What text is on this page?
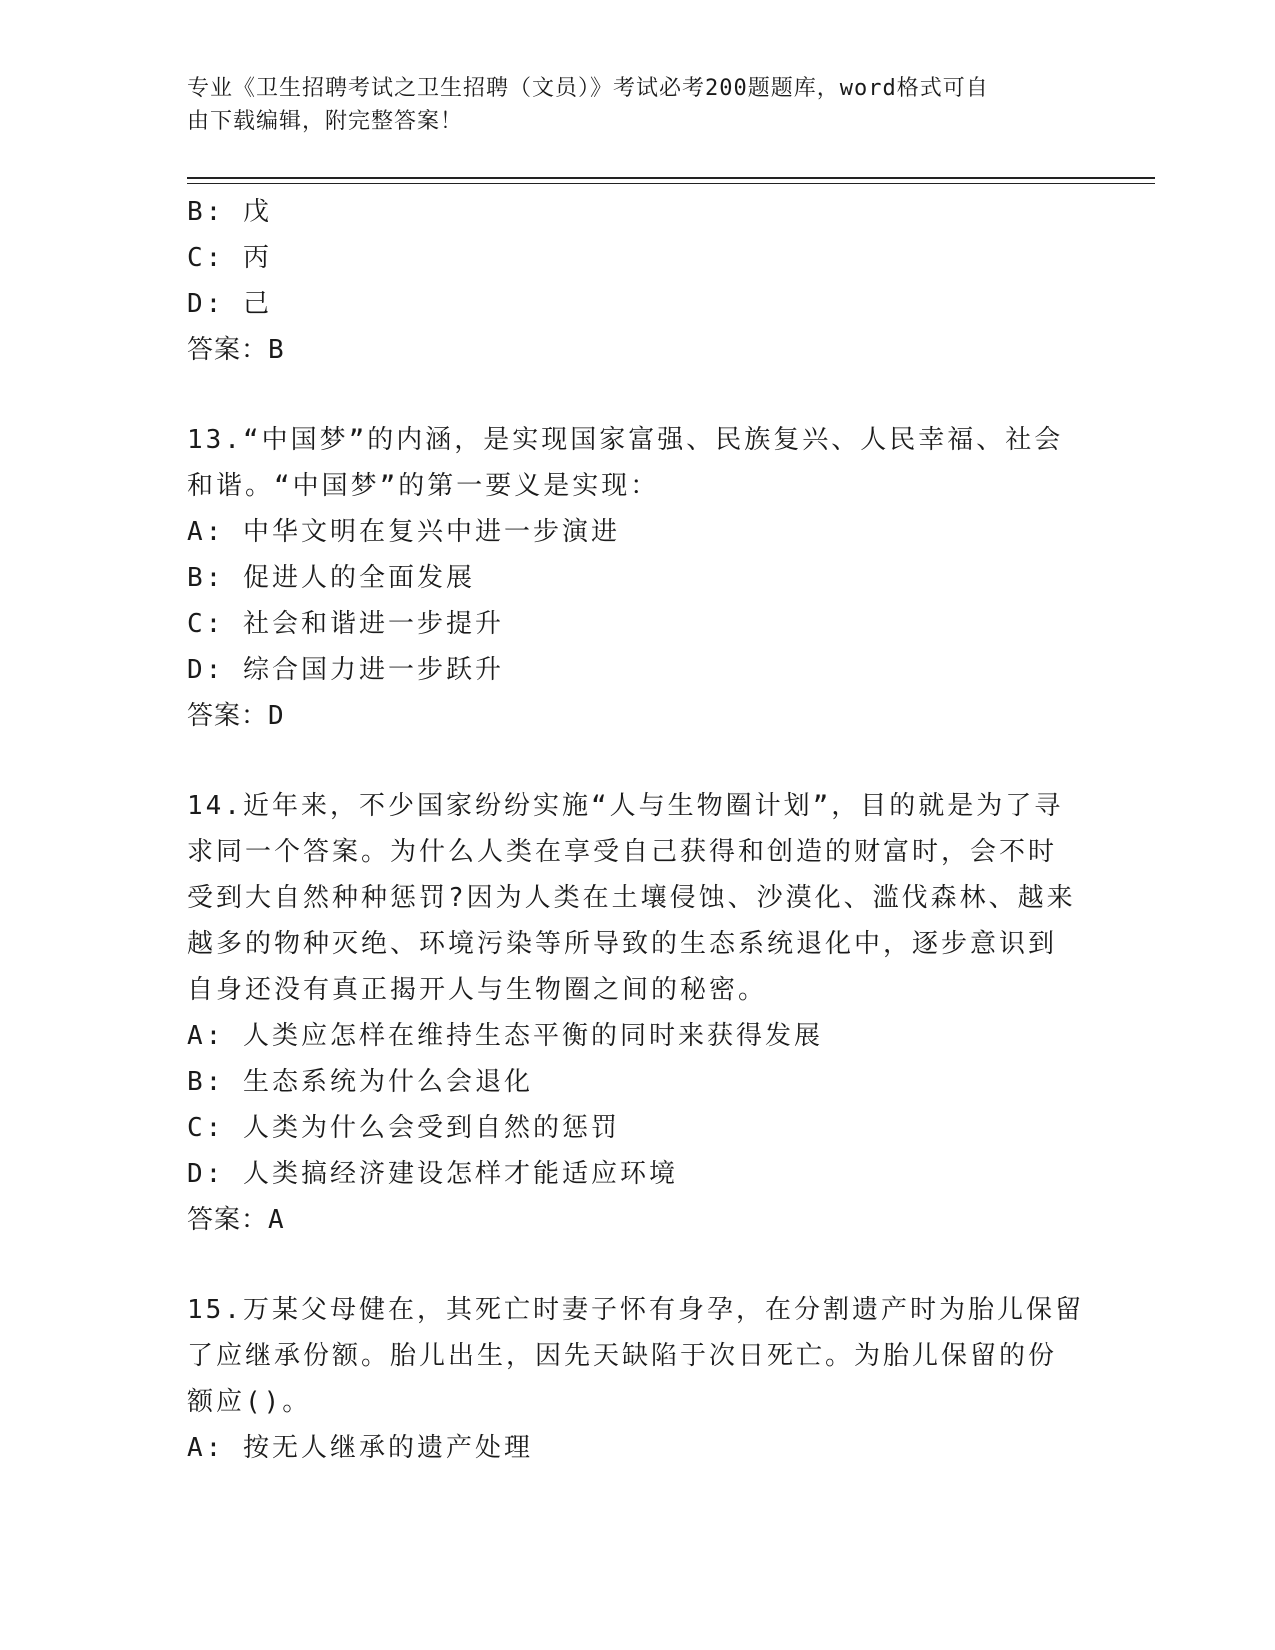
专业《卫生招聘考试之卫生招聘（文员）》考试必考200题题库，word格式可自
由下载编辑，附完整答案！
B: 戊
C: 丙
D: 己
答案：B
13.“中国梦”的内涵，是实现国家富强、民族复兴、人民幸福、社会
和谐。“中国梦”的第一要义是实现：
A: 中华文明在复兴中进一步演进
B: 促进人的全面发展
C: 社会和谐进一步提升
D: 综合国力进一步跃升
答案：D
14.近年来，不少国家纷纷实施“人与生物圈计划”，目的就是为了寻
求同一个答案。为什么人类在享受自己获得和创造的财富时，会不时
受到大自然种种惩罚?因为人类在土壤侵蚀、沙漠化、滥伐森林、越来
越多的物种灭绝、环境污染等所导致的生态系统退化中，逐步意识到
自身还没有真正揭开人与生物圈之间的秘密。
A: 人类应怎样在维持生态平衡的同时来获得发展
B: 生态系统为什么会退化
C: 人类为什么会受到自然的惩罚
D: 人类搞经济建设怎样才能适应环境
答案：A
15.万某父母健在，其死亡时妻子怀有身孕，在分割遗产时为胎儿保留
了应继承份额。胎儿出生，因先天缺陷于次日死亡。为胎儿保留的份
额应()。
A: 按无人继承的遗产处理
